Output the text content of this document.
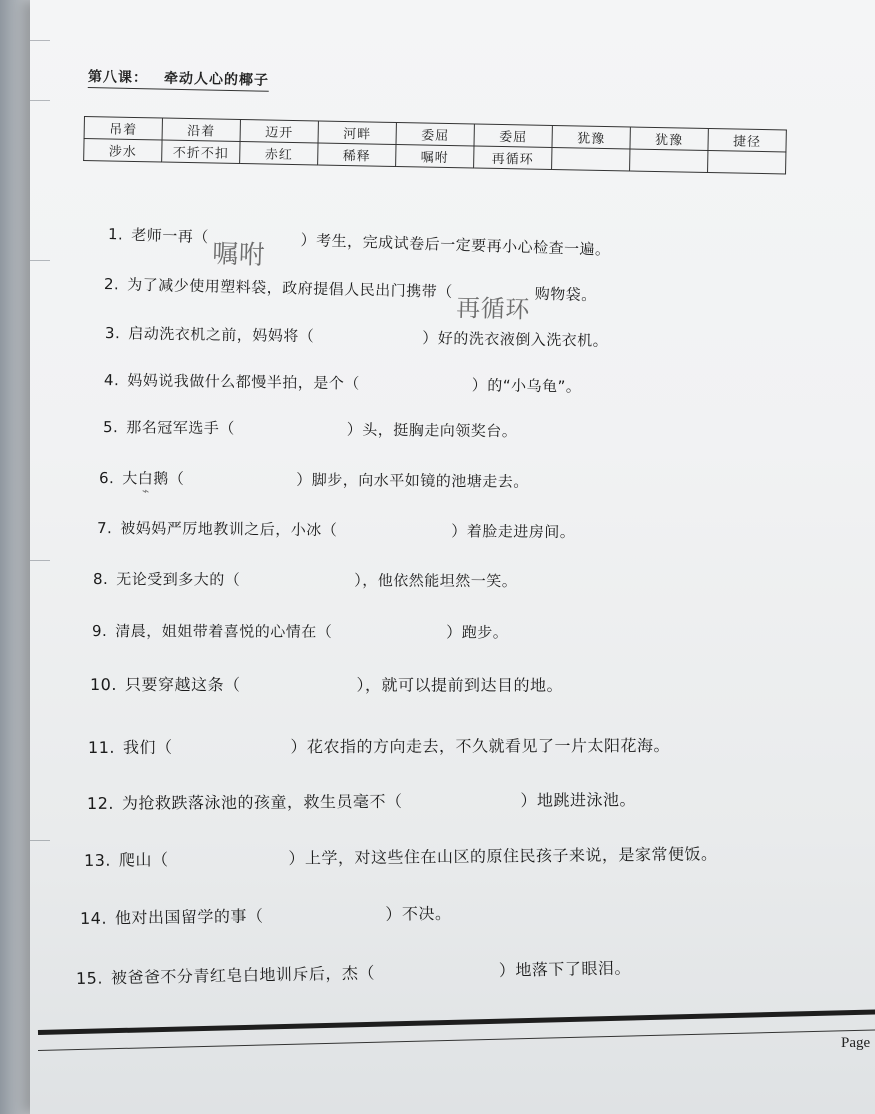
第八课： 牵动人心的椰子
吊着	沿着	迈开	河畔	委屈	委屈	犹豫	犹豫	捷径
涉水	不折不扣	赤红	稀释	嘱咐	再循环			
1. 老师一再（
嘱咐 ）考生，完成试卷后一定要再小心检查一遍。
2. 为了减少使用塑料袋，政府提倡人民出门携带（
再循环 购物袋。
3. 启动洗衣机之前，妈妈将（	）好的洗衣液倒入洗衣机。
4. 妈妈说我做什么都慢半拍，是个（	）的“小乌龟”。
5. 那名冠军选手（	）头，挺胸走向领奖台。
6. 大白鹅（	）脚步，向水平如镜的池塘走去。
7. 被妈妈严厉地教训之后，小冰（	）着脸走进房间。
8. 无论受到多大的（	），他依然能坦然一笑。
9. 清晨，姐姐带着喜悦的心情在（	）跑步。
10. 只要穿越这条（	），就可以提前到达目的地。
11. 我们（	）花农指的方向走去，不久就看见了一片太阳花海。
12. 为抢救跌落泳池的孩童，救生员毫不（	）地跳进泳池。
13. 爬山（	）上学，对这些住在山区的原住民孩子来说，是家常便饭。
14. 他对出国留学的事（	）不决。
15. 被爸爸不分青红皂白地训斥后，杰（	）地落下了眼泪。
⌁
Page
